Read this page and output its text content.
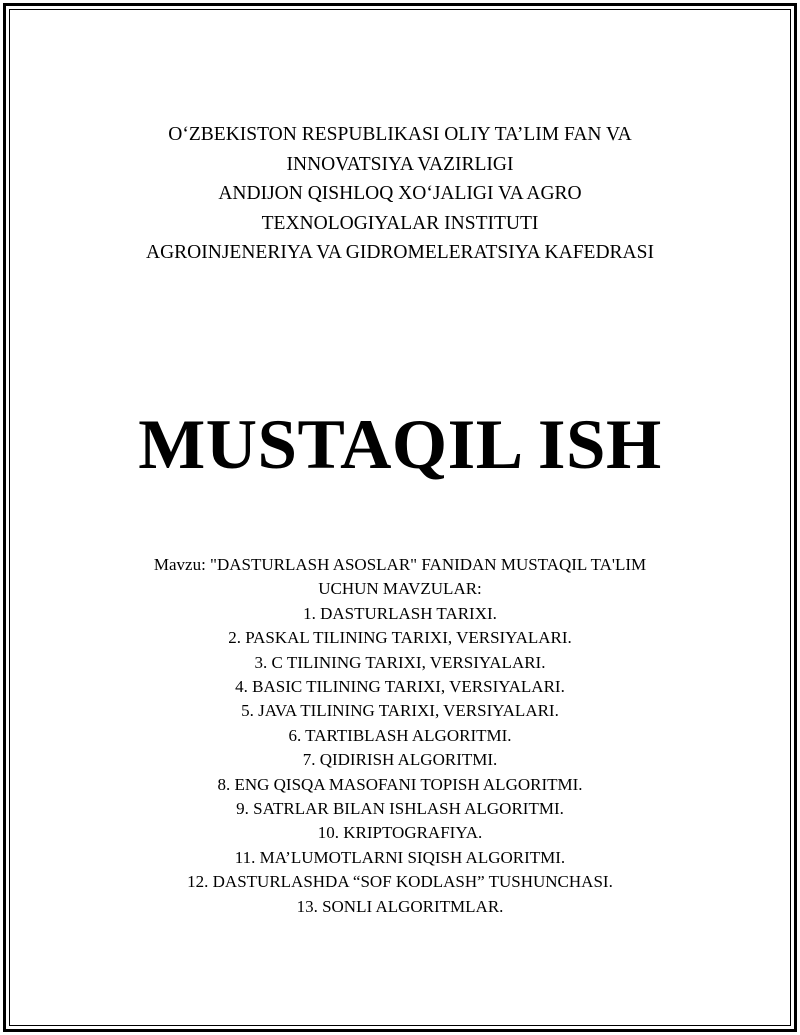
O‘ZBEKISTON RESPUBLIKASI OLIY TA’LIM FAN VA
INNOVATSIYA VAZIRLIGI
ANDIJON QISHLOQ XO‘JALIGI VA AGRO
TEXNOLOGIYALAR INSTITUTI
AGROINJENERIYA VA GIDROMELERATSIYA KAFEDRASI
MUSTAQIL ISH
Mavzu: "DASTURLASH ASOSLAR" FANIDAN MUSTAQIL TA'LIM
UCHUN MAVZULAR:
1. DASTURLASH TARIXI.
2. PASKAL TILINING TARIXI, VERSIYALARI.
3. C TILINING TARIXI, VERSIYALARI.
4. BASIC TILINING TARIXI, VERSIYALARI.
5. JAVA TILINING TARIXI, VERSIYALARI.
6. TARTIBLASH ALGORITMI.
7. QIDIRISH ALGORITMI.
8. ENG QISQA MASOFANI TOPISH ALGORITMI.
9. SATRLAR BILAN ISHLASH ALGORITMI.
10. KRIPTOGRAFIYA.
11. MA’LUMOTLARNI SIQISH ALGORITMI.
12. DASTURLASHDA “SOF KODLASH” TUSHUNCHASI.
13. SONLI ALGORITMLAR.
